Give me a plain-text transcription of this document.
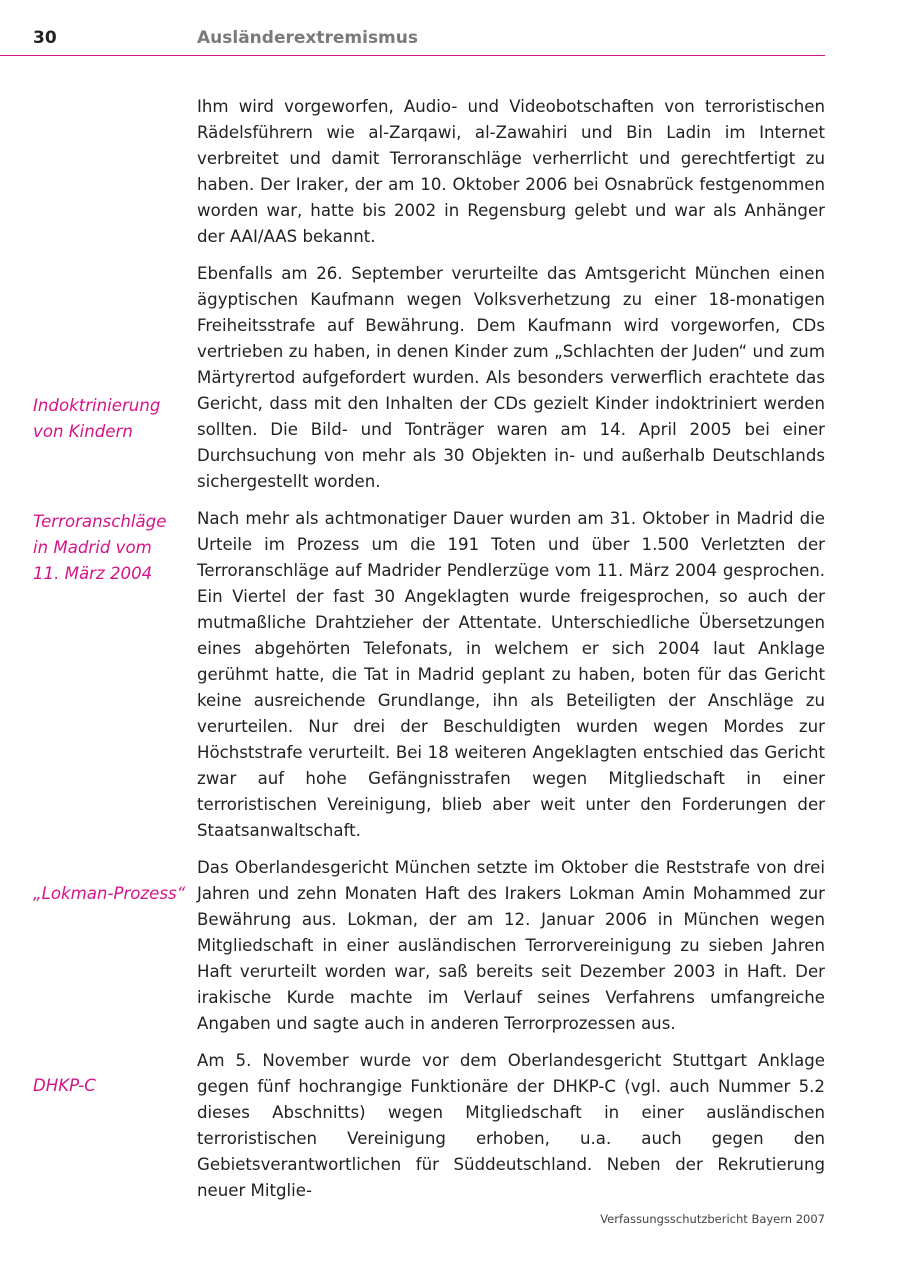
30	Ausländerextremismus
Indoktrinierung
von Kindern
Terroranschläge
in Madrid vom
11. März 2004
„Lokman-Prozess“
DHKP-C

Ihm wird vorgeworfen, Audio- und Videobotschaften von terroristischen Rädelsführern wie al-Zarqawi, al-Zawahiri und Bin Ladin im Internet verbreitet und damit Terroranschläge verherrlicht und gerechtfertigt zu haben. Der Iraker, der am 10. Oktober 2006 bei Osnabrück festgenommen worden war, hatte bis 2002 in Regensburg gelebt und war als Anhänger der AAI/AAS bekannt.

Ebenfalls am 26. September verurteilte das Amtsgericht München einen ägyptischen Kaufmann wegen Volksverhetzung zu einer 18-monatigen Freiheitsstrafe auf Bewährung. Dem Kaufmann wird vorgeworfen, CDs vertrieben zu haben, in denen Kinder zum „Schlachten der Juden“ und zum Märtyrertod aufgefordert wurden. Als besonders verwerflich erachtete das Gericht, dass mit den Inhalten der CDs gezielt Kinder indoktriniert werden sollten. Die Bild- und Tonträger waren am 14. April 2005 bei einer Durchsuchung von mehr als 30 Objekten in- und außerhalb Deutschlands sichergestellt worden.

Nach mehr als achtmonatiger Dauer wurden am 31. Oktober in Madrid die Urteile im Prozess um die 191 Toten und über 1.500 Verletzten der Terroranschläge auf Madrider Pendlerzüge vom 11. März 2004 gesprochen. Ein Viertel der fast 30 Angeklagten wurde freigesprochen, so auch der mutmaßliche Drahtzieher der Attentate. Unterschiedliche Übersetzungen eines abgehörten Telefonats, in welchem er sich 2004 laut Anklage gerühmt hatte, die Tat in Madrid geplant zu haben, boten für das Gericht keine ausreichende Grundlange, ihn als Beteiligten der Anschläge zu verurteilen. Nur drei der Beschuldigten wurden wegen Mordes zur Höchststrafe verurteilt. Bei 18 weiteren Angeklagten entschied das Gericht zwar auf hohe Gefängnisstrafen wegen Mitgliedschaft in einer terroristischen Vereinigung, blieb aber weit unter den Forderungen der Staatsanwaltschaft.

Das Oberlandesgericht München setzte im Oktober die Reststrafe von drei Jahren und zehn Monaten Haft des Irakers Lokman Amin Mohammed zur Bewährung aus. Lokman, der am 12. Januar 2006 in München wegen Mitgliedschaft in einer ausländischen Terrorvereinigung zu sieben Jahren Haft verurteilt worden war, saß bereits seit Dezember 2003 in Haft. Der irakische Kurde machte im Verlauf seines Verfahrens umfangreiche Angaben und sagte auch in anderen Terrorprozessen aus.

Am 5. November wurde vor dem Oberlandesgericht Stuttgart Anklage gegen fünf hochrangige Funktionäre der DHKP-C (vgl. auch Nummer 5.2 dieses Abschnitts) wegen Mitgliedschaft in einer ausländischen terroristischen Vereinigung erhoben, u.a. auch gegen den Gebietsverantwortlichen für Süddeutschland. Neben der Rekrutierung neuer Mitglie-

Verfassungsschutzbericht Bayern 2007
